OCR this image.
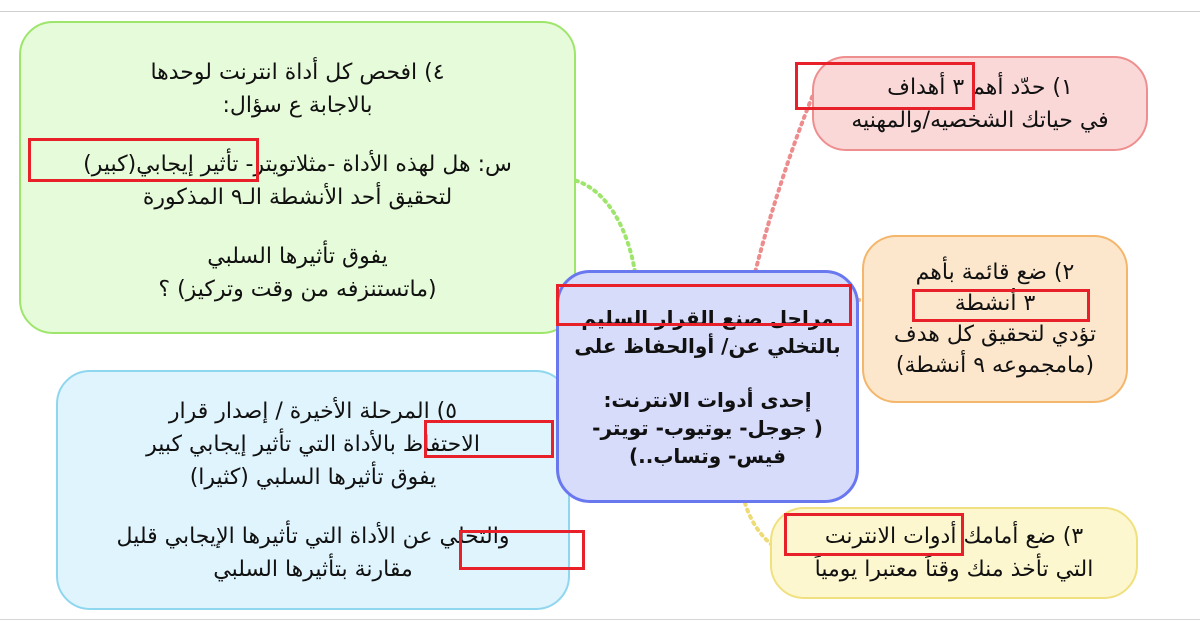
٤) افحص كل أداة انترنت لوحدها
بالاجابة ع سؤال:
س: هل لهذه الأداة -مثلاتويتر- تأثير إيجابي(كبير)
لتحقيق أحد الأنشطة الـ٩ المذكورة
يفوق تأثيرها السلبي
(ماتستنزفه من وقت وتركيز) ؟
٥) المرحلة الأخيرة / إصدار قرار
الاحتفاظ بالأداة التي تأثير إيجابي كبير
يفوق تأثيرها السلبي (كثيرا)
والتخلي عن الأداة التي تأثيرها الإيجابي قليل
مقارنة بتأثيرها السلبي
مراحل صنع القرار السليم
بالتخلي عن/ أوالحفاظ على
إحدى أدوات الانترنت:
( جوجل- يوتيوب- تويتر-
فيس- وتساب..)
١) حدّد أهم ٣ أهداف
في حياتك الشخصيه/والمهنيه
٢) ضع قائمة بأهم
٣ أنشطة
تؤدي لتحقيق كل هدف
(مامجموعه ٩ أنشطة)
٣) ضع أمامك أدوات الانترنت
التي تأخذ منك وقتاً معتبرا يومياً
